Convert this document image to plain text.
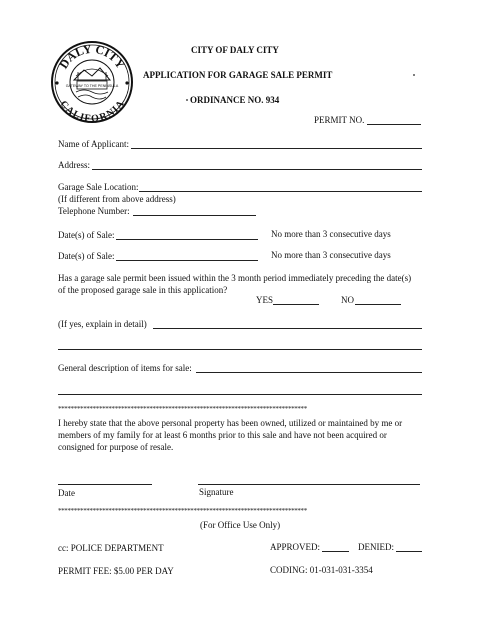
DALY CITY
CALIFORNIA
GATEWAY TO THE PENINSULA
CITY OF DALY CITY
APPLICATION FOR GARAGE SALE PERMIT
ORDINANCE NO. 934
PERMIT NO.
Name of Applicant:
Address:
Garage Sale Location:
(If different from above address)
Telephone Number:
Date(s) of Sale:	No more than 3 consecutive days
Date(s) of Sale:	No more than 3 consecutive days
Has a garage sale permit been issued within the 3 month period immediately preceding the date(s)
of the proposed garage sale in this application?
YES	NO
(If yes, explain in detail)
General description of items for sale:
*******************************************************************************
I hereby state that the above personal property has been owned, utilized or maintained by me or
members of my family for at least 6 months prior to this sale and have not been acquired or
consigned for purpose of resale.
Date	Signature
*******************************************************************************
(For Office Use Only)
cc: POLICE DEPARTMENT	APPROVED:	DENIED:
PERMIT FEE: $5.00 PER DAY	CODING: 01-031-031-3354
